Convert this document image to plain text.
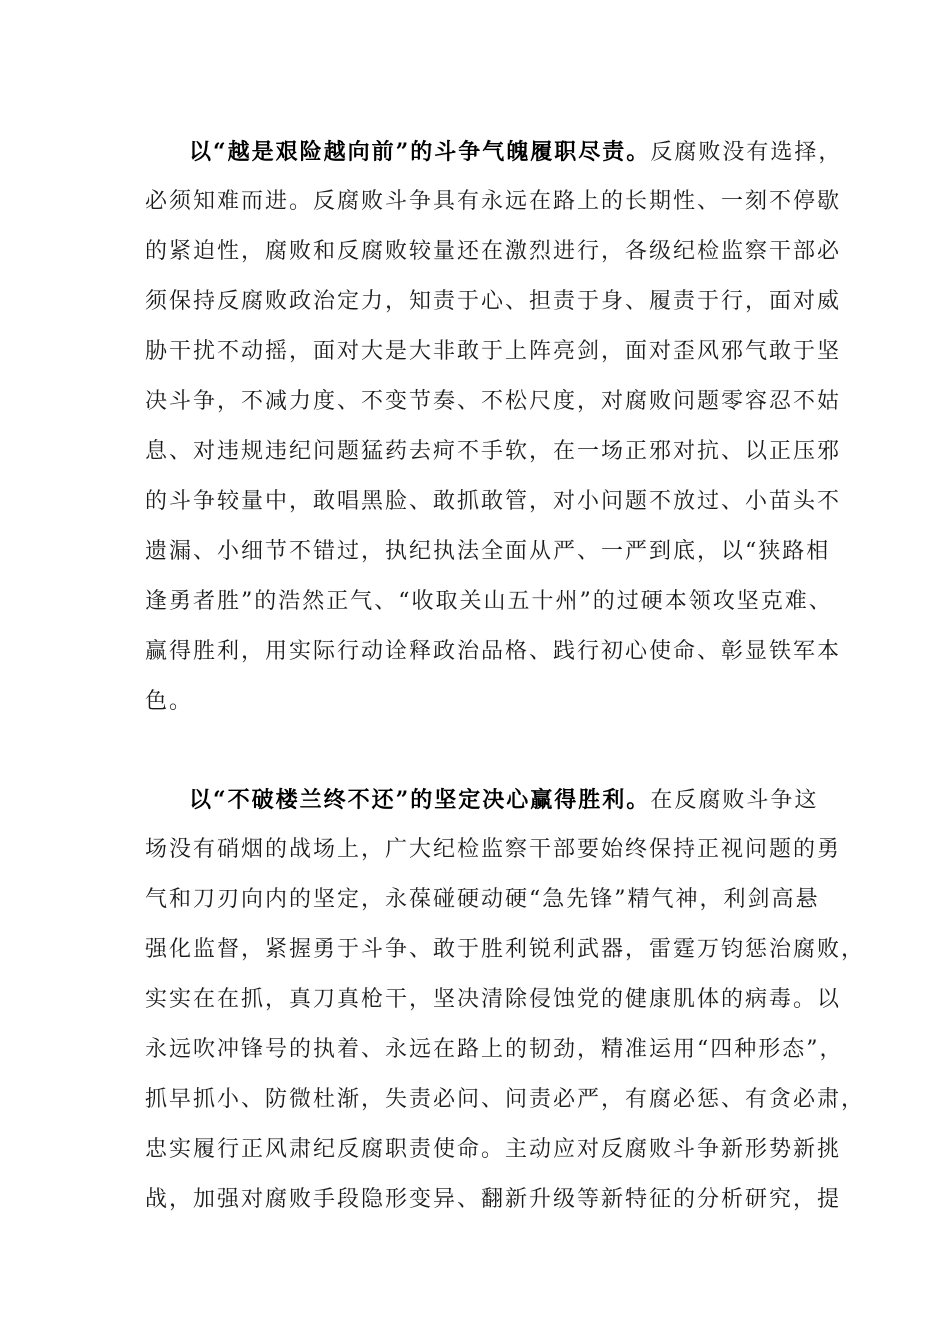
以“越是艰险越向前”的斗争气魄履职尽责。反腐败没有选择，
必须知难而进。反腐败斗争具有永远在路上的长期性、一刻不停歇
的紧迫性，腐败和反腐败较量还在激烈进行，各级纪检监察干部必
须保持反腐败政治定力，知责于心、担责于身、履责于行，面对威
胁干扰不动摇，面对大是大非敢于上阵亮剑，面对歪风邪气敢于坚
决斗争，不减力度、不变节奏、不松尺度，对腐败问题零容忍不姑
息、对违规违纪问题猛药去疴不手软，在一场正邪对抗、以正压邪
的斗争较量中，敢唱黑脸、敢抓敢管，对小问题不放过、小苗头不
遗漏、小细节不错过，执纪执法全面从严、一严到底，以“狭路相
逢勇者胜”的浩然正气、“收取关山五十州”的过硬本领攻坚克难、
赢得胜利，用实际行动诠释政治品格、践行初心使命、彰显铁军本
色。
以“不破楼兰终不还”的坚定决心赢得胜利。在反腐败斗争这
场没有硝烟的战场上，广大纪检监察干部要始终保持正视问题的勇
气和刀刃向内的坚定，永葆碰硬动硬“急先锋”精气神，利剑高悬
强化监督，紧握勇于斗争、敢于胜利锐利武器，雷霆万钧惩治腐败，
实实在在抓，真刀真枪干，坚决清除侵蚀党的健康肌体的病毒。以
永远吹冲锋号的执着、永远在路上的韧劲，精准运用“四种形态”，
抓早抓小、防微杜渐，失责必问、问责必严，有腐必惩、有贪必肃，
忠实履行正风肃纪反腐职责使命。主动应对反腐败斗争新形势新挑
战，加强对腐败手段隐形变异、翻新升级等新特征的分析研究，提
